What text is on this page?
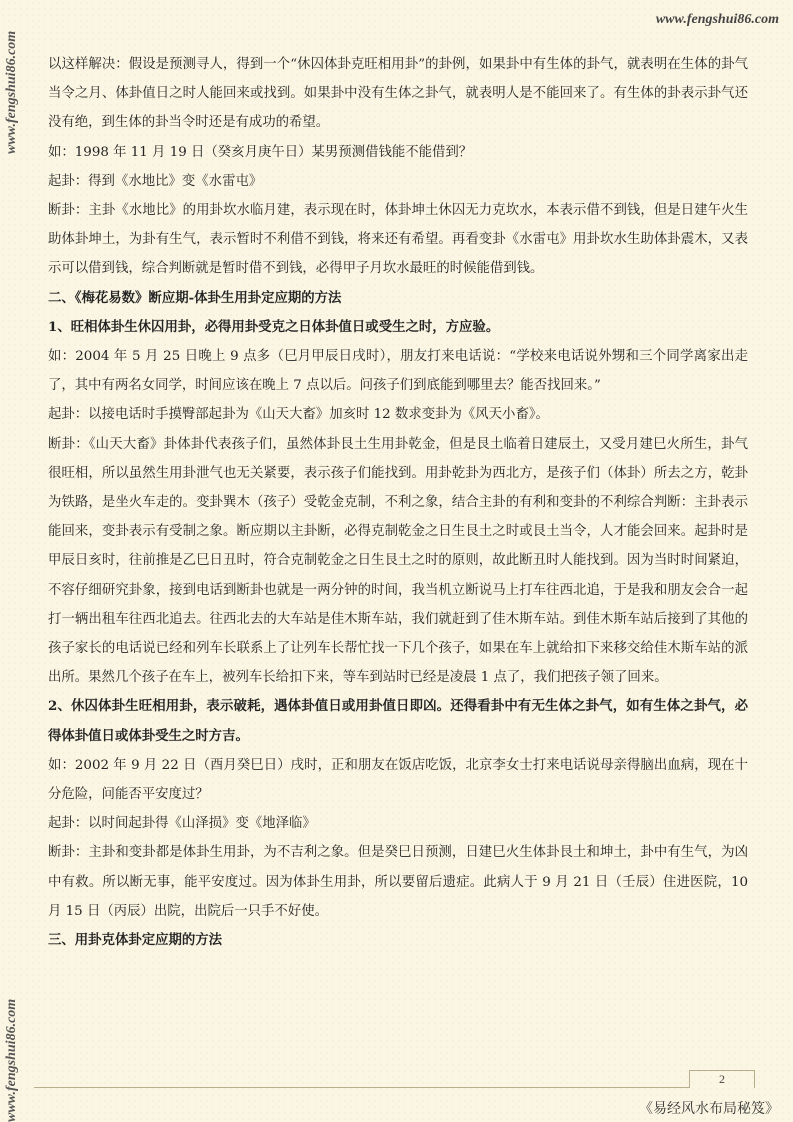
www.fengshui86.com
www.fengshui86.com
www.fengshui86.com

以这样解决：假设是预测寻人，得到一个“休囚体卦克旺相用卦”的卦例，如果卦中有生体的卦气，就表明在生体的卦气当令之月、体卦值日之时人能回来或找到。如果卦中没有生体之卦气，就表明人是不能回来了。有生体的卦表示卦气还没有绝，到生体的卦当令时还是有成功的希望。

如：1998 年 11 月 19 日（癸亥月庚午日）某男预测借钱能不能借到？

起卦：得到《水地比》变《水雷屯》

断卦：主卦《水地比》的用卦坎水临月建，表示现在时，体卦坤土休囚无力克坎水，本表示借不到钱，但是日建午火生助体卦坤土，为卦有生气，表示暂时不利借不到钱，将来还有希望。再看变卦《水雷屯》用卦坎水生助体卦震木，又表示可以借到钱，综合判断就是暂时借不到钱，必得甲子月坎水最旺的时候能借到钱。

二、《梅花易数》断应期-体卦生用卦定应期的方法

1、旺相体卦生休囚用卦，必得用卦受克之日体卦值日或受生之时，方应验。

如：2004 年 5 月 25 日晚上 9 点多（巳月甲辰日戌时），朋友打来电话说：“学校来电话说外甥和三个同学离家出走了，其中有两名女同学，时间应该在晚上 7 点以后。问孩子们到底能到哪里去？能否找回来。”

起卦：以接电话时手摸臀部起卦为《山天大畜》加亥时 12 数求变卦为《风天小畜》。

断卦：《山天大畜》卦体卦代表孩子们，虽然体卦艮土生用卦乾金，但是艮土临着日建辰土，又受月建巳火所生，卦气很旺相，所以虽然生用卦泄气也无关紧要，表示孩子们能找到。用卦乾卦为西北方，是孩子们（体卦）所去之方，乾卦为铁路，是坐火车走的。变卦巽木（孩子）受乾金克制，不利之象，结合主卦的有利和变卦的不利综合判断：主卦表示能回来，变卦表示有受制之象。断应期以主卦断，必得克制乾金之日生艮土之时或艮土当令，人才能会回来。起卦时是甲辰日亥时，往前推是乙巳日丑时，符合克制乾金之日生艮土之时的原则，故此断丑时人能找到。因为当时时间紧迫，不容仔细研究卦象，接到电话到断卦也就是一两分钟的时间，我当机立断说马上打车往西北追，于是我和朋友会合一起打一辆出租车往西北追去。往西北去的大车站是佳木斯车站，我们就赶到了佳木斯车站。到佳木斯车站后接到了其他的孩子家长的电话说已经和列车长联系上了让列车长帮忙找一下几个孩子，如果在车上就给扣下来移交给佳木斯车站的派出所。果然几个孩子在车上，被列车长给扣下来，等车到站时已经是凌晨 1 点了，我们把孩子领了回来。

2、休囚体卦生旺相用卦，表示破耗，遇体卦值日或用卦值日即凶。还得看卦中有无生体之卦气，如有生体之卦气，必得体卦值日或体卦受生之时方吉。

如：2002 年 9 月 22 日（酉月癸巳日）戌时，正和朋友在饭店吃饭，北京李女士打来电话说母亲得脑出血病，现在十分危险，问能否平安度过？

起卦：以时间起卦得《山泽损》变《地泽临》

断卦：主卦和变卦都是体卦生用卦，为不吉利之象。但是癸巳日预测，日建巳火生体卦艮土和坤土，卦中有生气，为凶中有救。所以断无事，能平安度过。因为体卦生用卦，所以要留后遗症。此病人于 9 月 21 日（壬辰）住进医院，10 月 15 日（丙辰）出院，出院后一只手不好使。

三、用卦克体卦定应期的方法

2
《易经风水布局秘笈》
